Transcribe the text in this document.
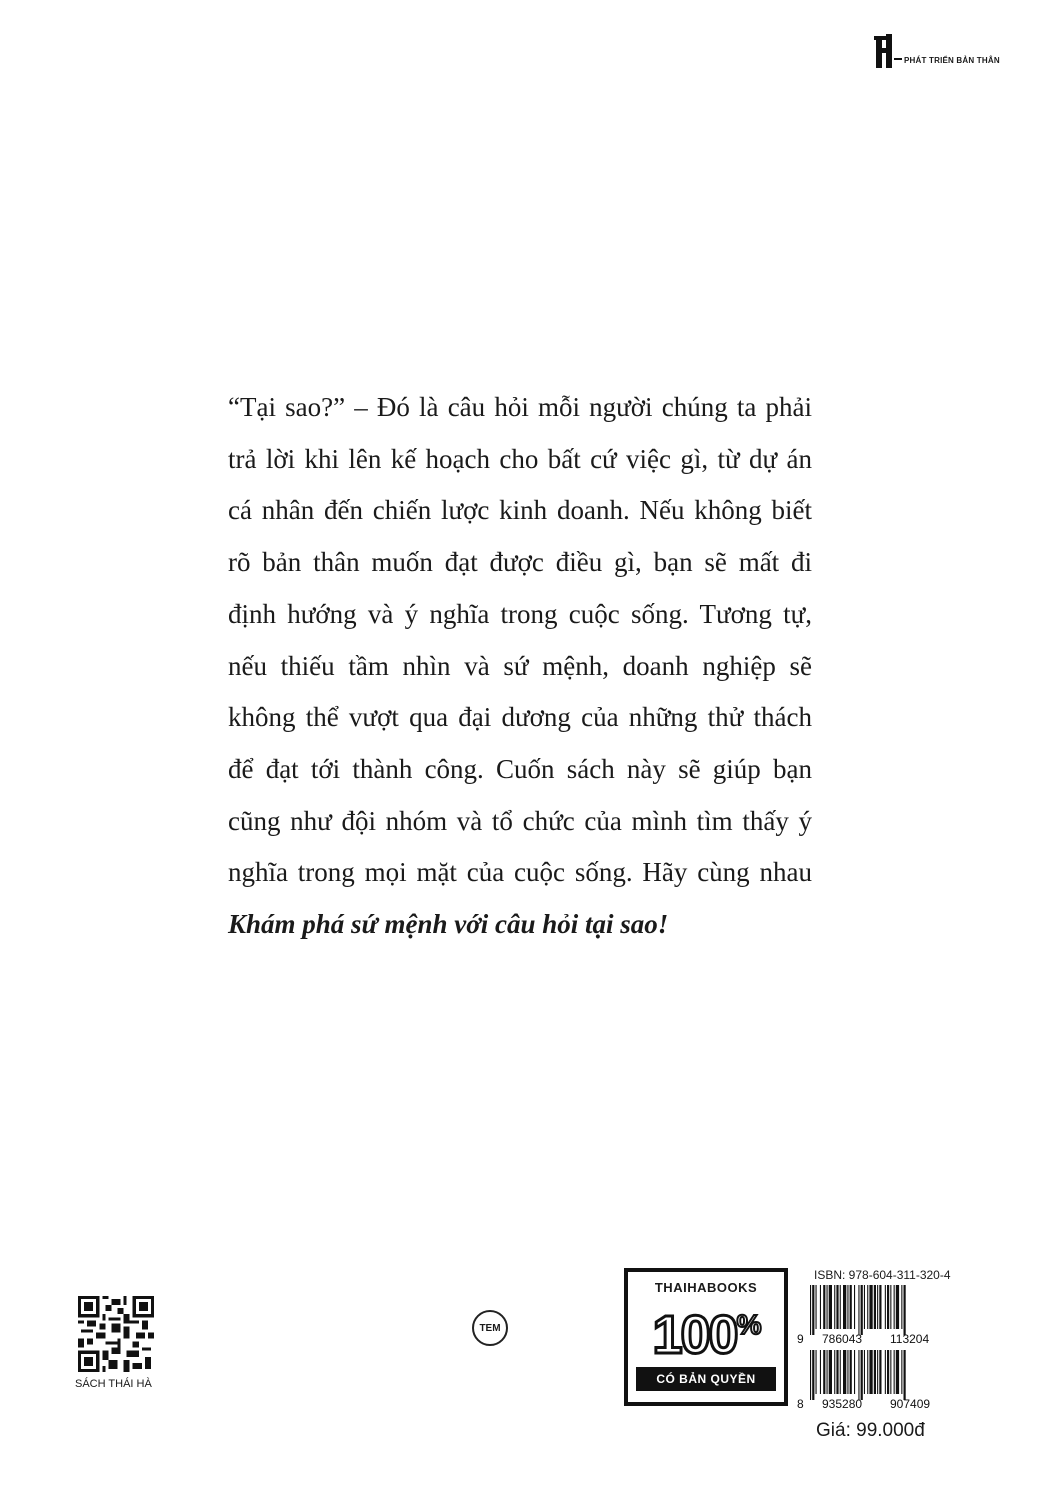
PHÁT TRIỂN BẢN THÂN

“Tại sao?” – Đó là câu hỏi mỗi người chúng ta phải
trả lời khi lên kế hoạch cho bất cứ việc gì, từ dự án
cá nhân đến chiến lược kinh doanh. Nếu không biết
rõ bản thân muốn đạt được điều gì, bạn sẽ mất đi
định hướng và ý nghĩa trong cuộc sống. Tương tự,
nếu thiếu tầm nhìn và sứ mệnh, doanh nghiệp sẽ
không thể vượt qua đại dương của những thử thách
để đạt tới thành công. Cuốn sách này sẽ giúp bạn
cũng như đội nhóm và tổ chức của mình tìm thấy ý
nghĩa trong mọi mặt của cuộc sống. Hãy cùng nhau
Khám phá sứ mệnh với câu hỏi tại sao!

SÁCH THÁI HÀ
TEM
THAIHABOOKS
100%
CÓ BẢN QUYỀN
ISBN: 978-604-311-320-4
9 786043 113204
8 935280 907409
Giá: 99.000đ
